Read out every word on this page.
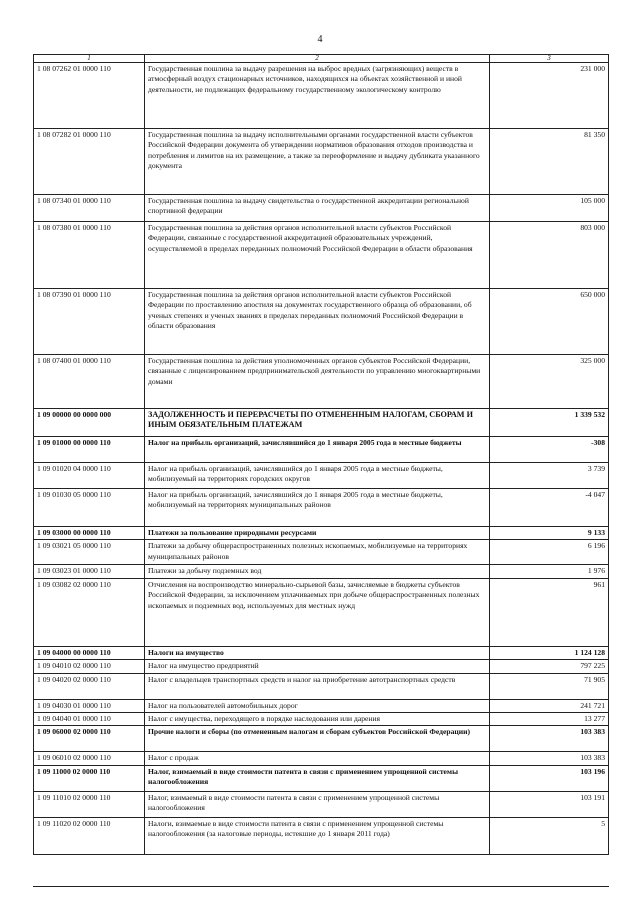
4
1	2	3
1 08 07262 01 0000 110	Государственная пошлина за выдачу разрешения на выброс вредных (загрязняющих) веществ в атмосферный воздух стационарных источников, находящихся на объектах хозяйственной и иной деятельности, не подлежащих федеральному государственному экологическому контролю	231 000
1 08 07282 01 0000 110	Государственная пошлина за выдачу исполнительными органами государственной власти субъектов Российской Федерации документа об утверждении нормативов образования отходов производства и потребления и лимитов на их размещение, а также за переоформление и выдачу дубликата указанного документа	81 350
1 08 07340 01 0000 110	Государственная пошлина за выдачу свидетельства о государственной аккредитации региональной спортивной федерации	105 000
1 08 07380 01 0000 110	Государственная пошлина за действия органов исполнительной власти субъектов Российской Федерации, связанные с государственной аккредитацией образовательных учреждений, осуществляемой в пределах переданных полномочий Российской Федерации в области образования	803 000
1 08 07390 01 0000 110	Государственная пошлина за действия органов исполнительной власти субъектов Российской Федерации по проставлению апостиля на документах государственного образца об образовании, об ученых степенях и ученых званиях в пределах переданных полномочий Российской Федерации в области образования	650 000
1 08 07400 01 0000 110	Государственная пошлина за действия уполномоченных органов субъектов Российской Федерации, связанные с лицензированием предпринимательской деятельности по управлению многоквартирными домами	325 000
1 09 00000 00 0000 000	ЗАДОЛЖЕННОСТЬ И ПЕРЕРАСЧЕТЫ ПО ОТМЕНЕННЫМ НАЛОГАМ, СБОРАМ И ИНЫМ ОБЯЗАТЕЛЬНЫМ ПЛАТЕЖАМ	1 339 532
1 09 01000 00 0000 110	Налог на прибыль организаций, зачислявшийся до 1 января 2005 года в местные бюджеты	-308
1 09 01020 04 0000 110	Налог на прибыль организаций, зачислявшийся до 1 января 2005 года в местные бюджеты, мобилизуемый на территориях городских округов	3 739
1 09 01030 05 0000 110	Налог на прибыль организаций, зачислявшийся до 1 января 2005 года в местные бюджеты, мобилизуемый на территориях муниципальных районов	-4 047
1 09 03000 00 0000 110	Платежи за пользование природными ресурсами	9 133
1 09 03021 05 0000 110	Платежи за добычу общераспространенных полезных ископаемых, мобилизуемые на территориях муниципальных районов	6 196
1 09 03023 01 0000 110	Платежи за добычу подземных вод	1 976
1 09 03082 02 0000 110	Отчисления на воспроизводство минерально-сырьевой базы, зачисляемые в бюджеты субъектов Российской Федерации, за исключением уплачиваемых при добыче общераспространенных полезных ископаемых и подземных вод, используемых для местных нужд	961
1 09 04000 00 0000 110	Налоги на имущество	1 124 128
1 09 04010 02 0000 110	Налог на имущество предприятий	797 225
1 09 04020 02 0000 110	Налог с владельцев транспортных средств и налог на приобретение автотранспортных средств	71 905
1 09 04030 01 0000 110	Налог на пользователей автомобильных дорог	241 721
1 09 04040 01 0000 110	Налог с имущества, переходящего в порядке наследования или дарения	13 277
1 09 06000 02 0000 110	Прочие налоги и сборы (по отмененным налогам и сборам субъектов Российской Федерации)	103 383
1 09 06010 02 0000 110	Налог с продаж	103 383
1 09 11000 02 0000 110	Налог, взимаемый в виде стоимости патента в связи с применением упрощенной системы налогообложения	103 196
1 09 11010 02 0000 110	Налог, взимаемый в виде стоимости патента в связи с применением упрощенной системы налогообложения	103 191
1 09 11020 02 0000 110	Налоги, взимаемые в виде стоимости патента в связи с применением упрощенной системы налогообложения (за налоговые периоды, истекшие до 1 января 2011 года)	5
